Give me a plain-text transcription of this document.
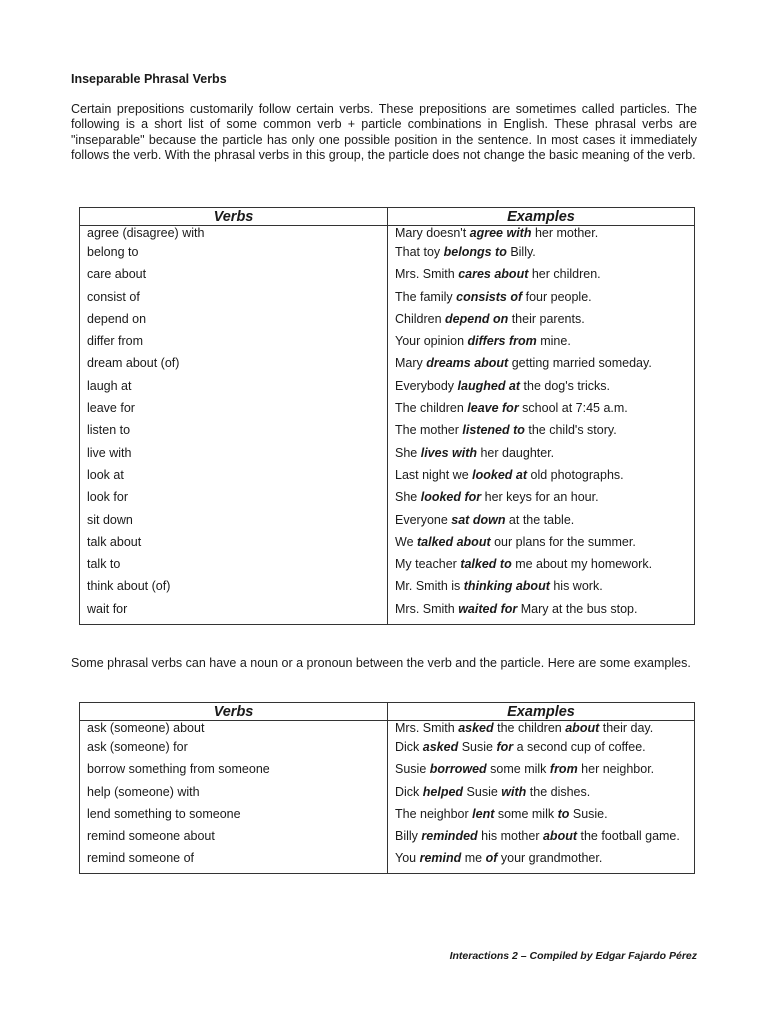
Inseparable Phrasal Verbs

Certain prepositions customarily follow certain verbs. These prepositions are sometimes called particles. The following is a short list of some common verb + particle combinations in English. These phrasal verbs are "inseparable" because the particle has only one possible position in the sentence. In most cases it immediately follows the verb. With the phrasal verbs in this group, the particle does not change the basic meaning of the verb.

Verbs	Examples
agree (disagree) with	Mary doesn't agree with her mother.
belong to	That toy belongs to Billy.
care about	Mrs. Smith cares about her children.
consist of	The family consists of four people.
depend on	Children depend on their parents.
differ from	Your opinion differs from mine.
dream about (of)	Mary dreams about getting married someday.
laugh at	Everybody laughed at the dog's tricks.
leave for	The children leave for school at 7:45 a.m.
listen to	The mother listened to the child's story.
live with	She lives with her daughter.
look at	Last night we looked at old photographs.
look for	She looked for her keys for an hour.
sit down	Everyone sat down at the table.
talk about	We talked about our plans for the summer.
talk to	My teacher talked to me about my homework.
think about (of)	Mr. Smith is thinking about his work.
wait for	Mrs. Smith waited for Mary at the bus stop.

Some phrasal verbs can have a noun or a pronoun between the verb and the particle. Here are some examples.

Verbs	Examples
ask (someone) about	Mrs. Smith asked the children about their day.
ask (someone) for	Dick asked Susie for a second cup of coffee.
borrow something from someone	Susie borrowed some milk from her neighbor.
help (someone) with	Dick helped Susie with the dishes.
lend something to someone	The neighbor lent some milk to Susie.
remind someone about	Billy reminded his mother about the football game.
remind someone of	You remind me of your grandmother.

Interactions 2 – Compiled by Edgar Fajardo Pérez
